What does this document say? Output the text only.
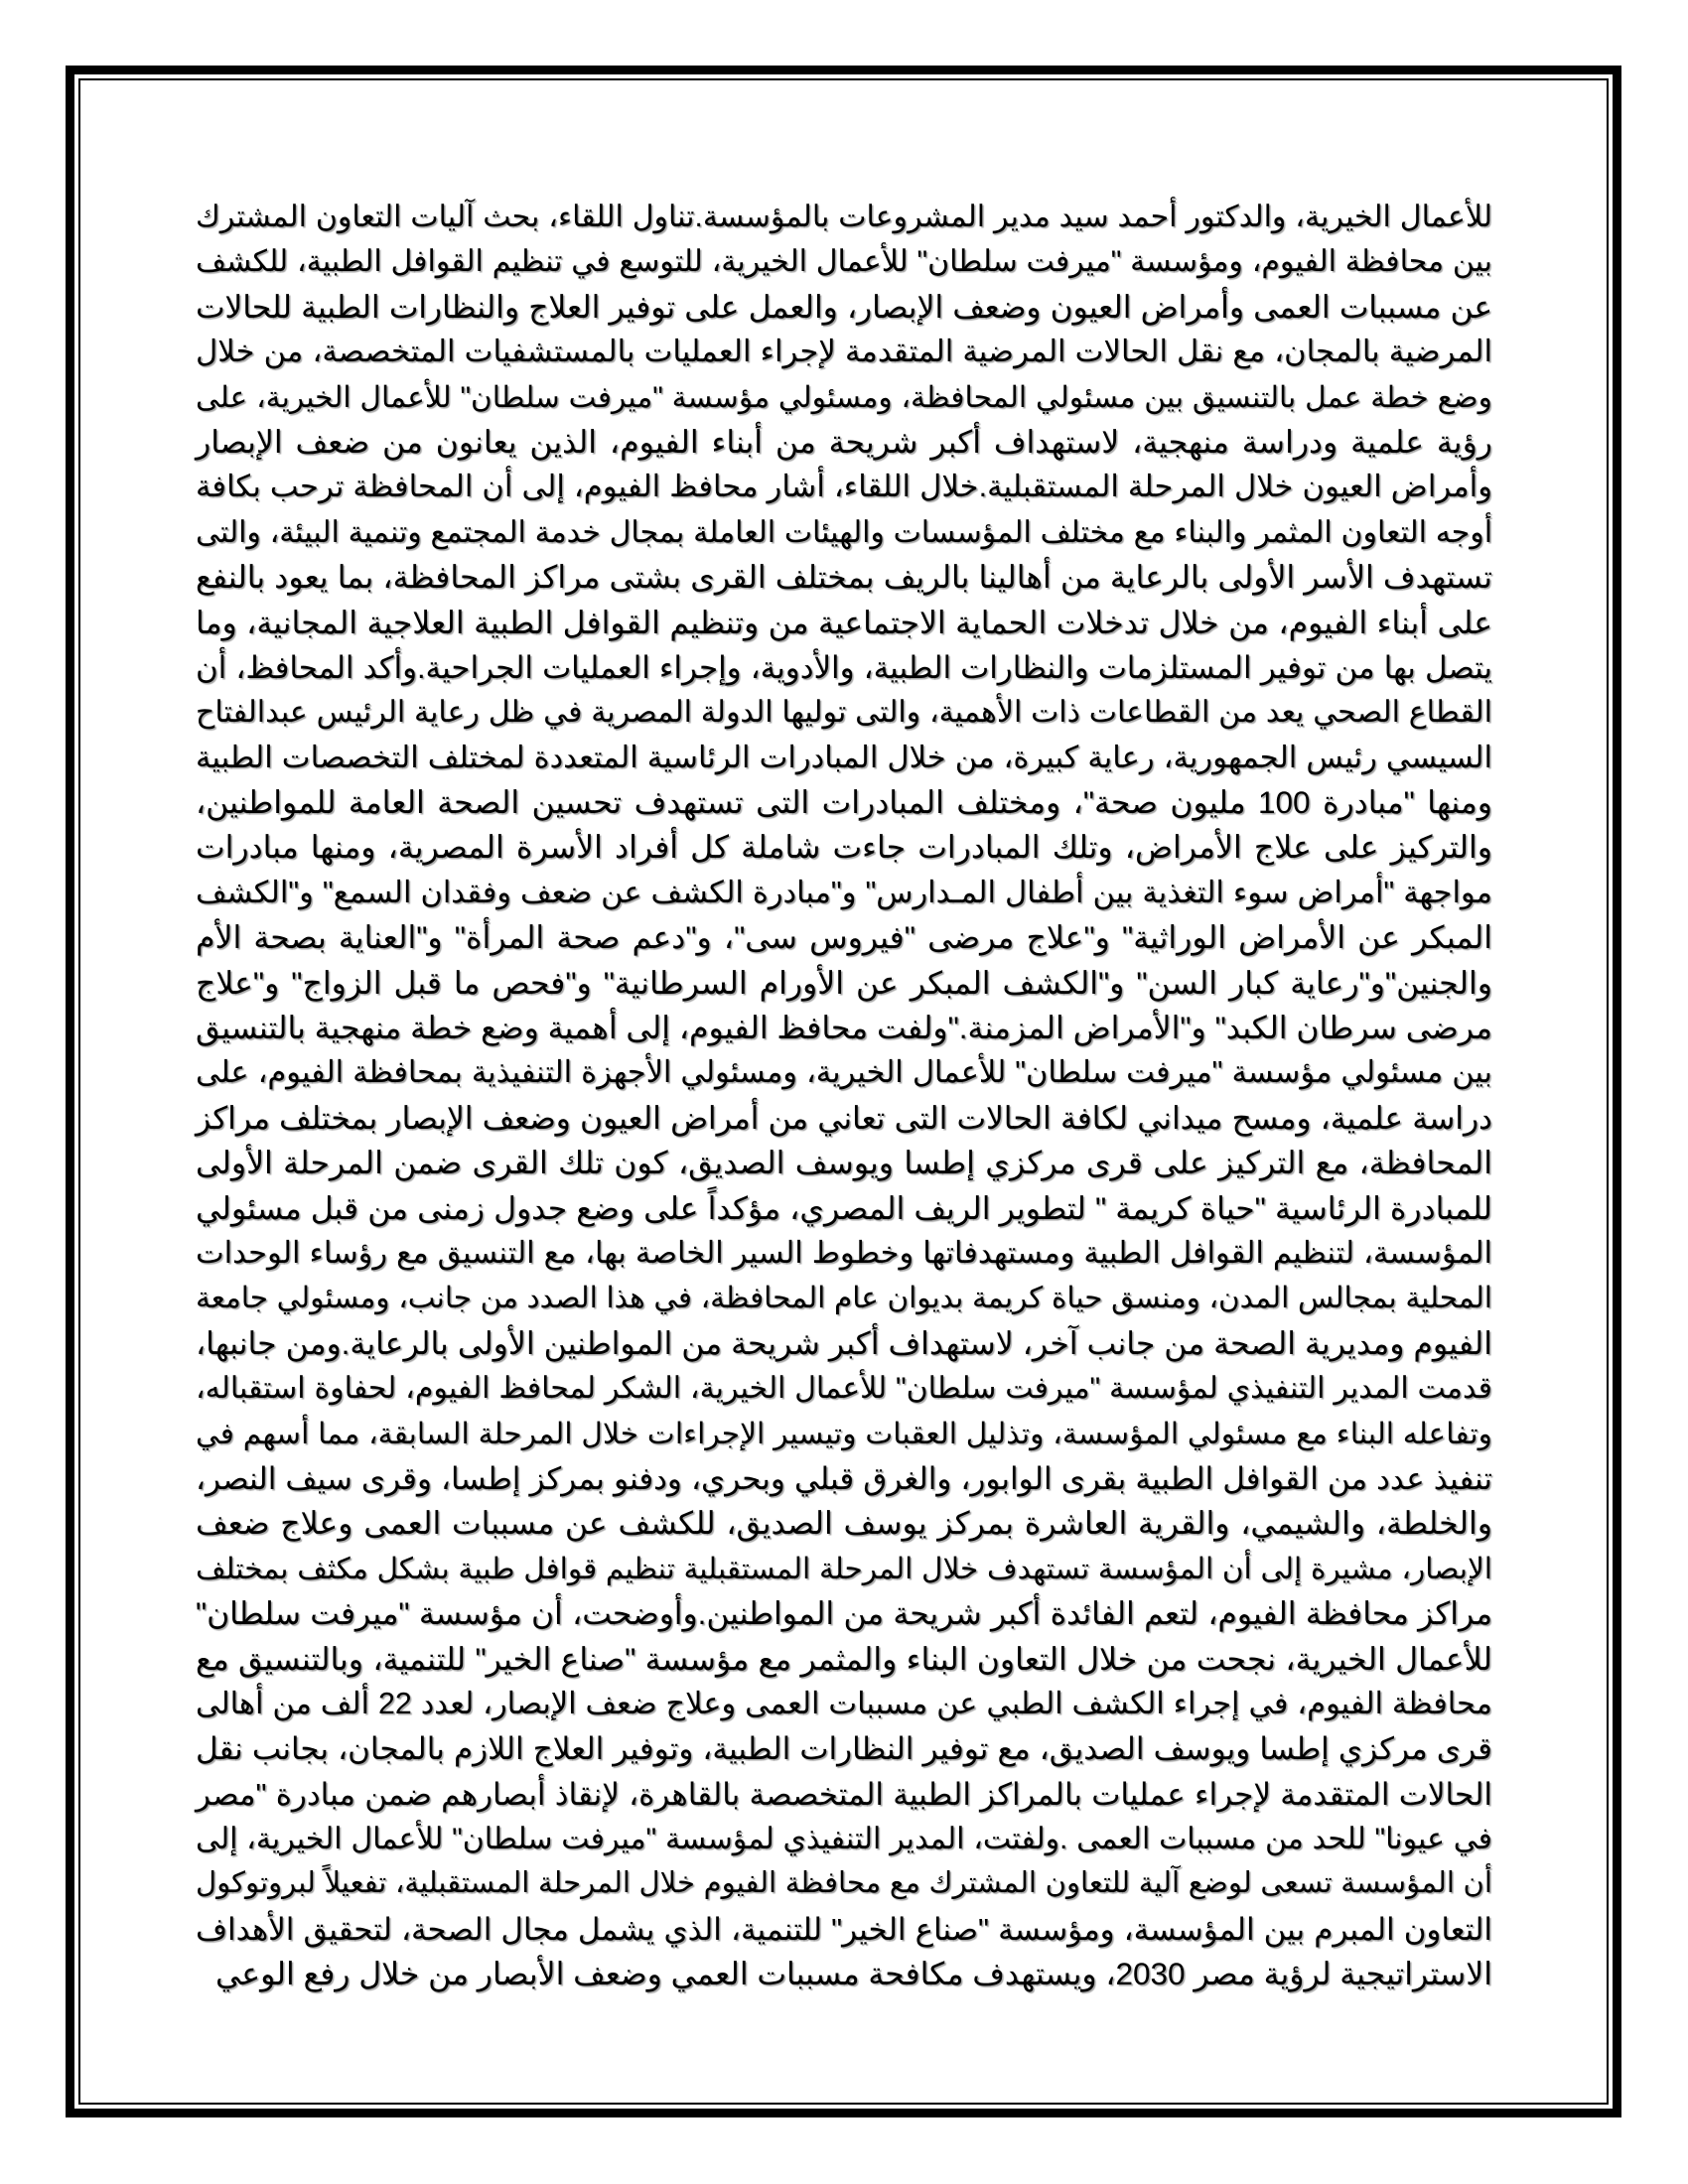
للأعمال الخيرية، والدكتور أحمد سيد مدير المشروعات بالمؤسسة.تناول اللقاء، بحث آليات التعاون المشترك
بين محافظة الفيوم، ومؤسسة "ميرفت سلطان" للأعمال الخيرية، للتوسع في تنظيم القوافل الطبية، للكشف
عن مسببات العمى وأمراض العيون وضعف الإبصار، والعمل على توفير العلاج والنظارات الطبية للحالات
المرضية بالمجان، مع نقل الحالات المرضية المتقدمة لإجراء العمليات بالمستشفيات المتخصصة، من خلال
وضع خطة عمل بالتنسيق بين مسئولي المحافظة، ومسئولي مؤسسة "ميرفت سلطان" للأعمال الخيرية، على
رؤية علمية ودراسة منهجية، لاستهداف أكبر شريحة من أبناء الفيوم، الذين يعانون من ضعف الإبصار
وأمراض العيون خلال المرحلة المستقبلية.خلال اللقاء، أشار محافظ الفيوم، إلى أن المحافظة ترحب بكافة
أوجه التعاون المثمر والبناء مع مختلف المؤسسات والهيئات العاملة بمجال خدمة المجتمع وتنمية البيئة، والتى
تستهدف الأسر الأولى بالرعاية من أهالينا بالريف بمختلف القرى بشتى مراكز المحافظة، بما يعود بالنفع
على أبناء الفيوم، من خلال تدخلات الحماية الاجتماعية من وتنظيم القوافل الطبية العلاجية المجانية، وما
يتصل بها من توفير المستلزمات والنظارات الطبية، والأدوية، وإجراء العمليات الجراحية.وأكد المحافظ، أن
القطاع الصحي يعد من القطاعات ذات الأهمية، والتى توليها الدولة المصرية في ظل رعاية الرئيس عبدالفتاح
السيسي رئيس الجمهورية، رعاية كبيرة، من خلال المبادرات الرئاسية المتعددة لمختلف التخصصات الطبية
ومنها "مبادرة 100 مليون صحة"، ومختلف المبادرات التى تستهدف تحسين الصحة العامة للمواطنين،
والتركيز على علاج الأمراض، وتلك المبادرات جاءت شاملة كل أفراد الأسرة المصرية، ومنها مبادرات
مواجهة "أمراض سوء التغذية بين أطفال المـدارس" و"مبادرة الكشف عن ضعف وفقدان السمع" و"الكشف
المبكر عن الأمراض الوراثية" و"علاج مرضى "فيروس سى"، و"دعم صحة المرأة" و"العناية بصحة الأم
والجنين"و"رعاية كبار السن" و"الكشف المبكر عن الأورام السرطانية" و"فحص ما قبل الزواج" و"علاج
مرضى سرطان الكبد" و"الأمراض المزمنة."ولفت محافظ الفيوم، إلى أهمية وضع خطة منهجية بالتنسيق
بين مسئولي مؤسسة "ميرفت سلطان" للأعمال الخيرية، ومسئولي الأجهزة التنفيذية بمحافظة الفيوم، على
دراسة علمية، ومسح ميداني لكافة الحالات التى تعاني من أمراض العيون وضعف الإبصار بمختلف مراكز
المحافظة، مع التركيز على قرى مركزي إطسا ويوسف الصديق، كون تلك القرى ضمن المرحلة الأولى
للمبادرة الرئاسية "حياة كريمة " لتطوير الريف المصري، مؤكداً على وضع جدول زمنى من قبل مسئولي
المؤسسة، لتنظيم القوافل الطبية ومستهدفاتها وخطوط السير الخاصة بها، مع التنسيق مع رؤساء الوحدات
المحلية بمجالس المدن، ومنسق حياة كريمة بديوان عام المحافظة، في هذا الصدد من جانب، ومسئولي جامعة
الفيوم ومديرية الصحة من جانب آخر، لاستهداف أكبر شريحة من المواطنين الأولى بالرعاية.ومن جانبها،
قدمت المدير التنفيذي لمؤسسة "ميرفت سلطان" للأعمال الخيرية، الشكر لمحافظ الفيوم، لحفاوة استقباله،
وتفاعله البناء مع مسئولي المؤسسة، وتذليل العقبات وتيسير الإجراءات خلال المرحلة السابقة، مما أسهم في
تنفيذ عدد من القوافل الطبية بقرى الوابور، والغرق قبلي وبحري، ودفنو بمركز إطسا، وقرى سيف النصر،
والخلطة، والشيمي، والقرية العاشرة بمركز يوسف الصديق، للكشف عن مسببات العمى وعلاج ضعف
الإبصار، مشيرة إلى أن المؤسسة تستهدف خلال المرحلة المستقبلية تنظيم قوافل طبية بشكل مكثف بمختلف
مراكز محافظة الفيوم، لتعم الفائدة أكبر شريحة من المواطنين.وأوضحت، أن مؤسسة "ميرفت سلطان"
للأعمال الخيرية، نجحت من خلال التعاون البناء والمثمر مع مؤسسة "صناع الخير" للتنمية، وبالتنسيق مع
محافظة الفيوم، في إجراء الكشف الطبي عن مسببات العمى وعلاج ضعف الإبصار، لعدد 22 ألف من أهالى
قرى مركزي إطسا ويوسف الصديق، مع توفير النظارات الطبية، وتوفير العلاج اللازم بالمجان، بجانب نقل
الحالات المتقدمة لإجراء عمليات بالمراكز الطبية المتخصصة بالقاهرة، لإنقاذ أبصارهم ضمن مبادرة "مصر
في عيونا" للحد من مسببات العمى .ولفتت، المدير التنفيذي لمؤسسة "ميرفت سلطان" للأعمال الخيرية، إلى
أن المؤسسة تسعى لوضع آلية للتعاون المشترك مع محافظة الفيوم خلال المرحلة المستقبلية، تفعيلاً لبروتوكول
التعاون المبرم بين المؤسسة، ومؤسسة "صناع الخير" للتنمية، الذي يشمل مجال الصحة، لتحقيق الأهداف
الاستراتيجية لرؤية مصر 2030، ويستهدف مكافحة مسببات العمي وضعف الأبصار من خلال رفع الوعي
